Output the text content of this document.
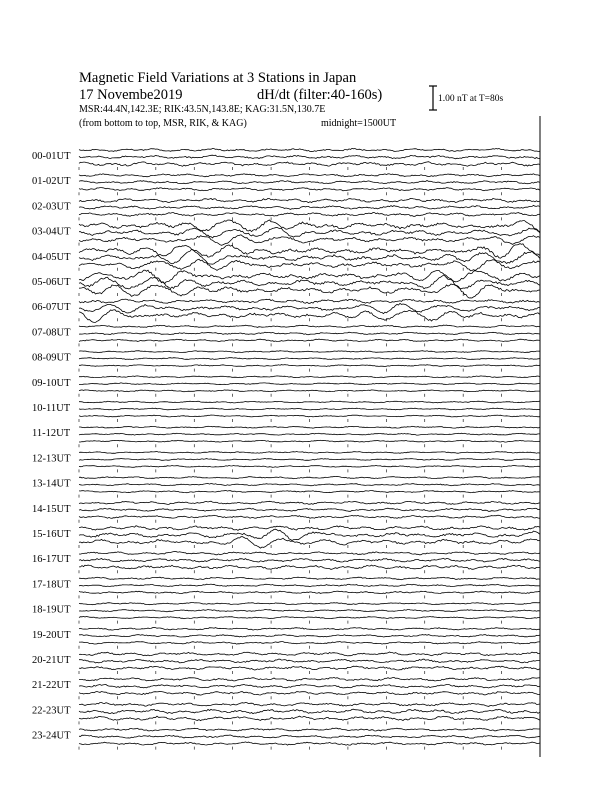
Magnetic Field Variations at 3 Stations in Japan
17 Novembe2019	dH/dt (filter:40-160s)
MSR:44.4N,142.3E; RIK:43.5N,143.8E; KAG:31.5N,130.7E
(from bottom to top, MSR, RIK, & KAG)	midnight=1500UT
1.00 nT at T=80s
00-01UT
01-02UT
02-03UT
03-04UT
04-05UT
05-06UT
06-07UT
07-08UT
08-09UT
09-10UT
10-11UT
11-12UT
12-13UT
13-14UT
14-15UT
15-16UT
16-17UT
17-18UT
18-19UT
19-20UT
20-21UT
21-22UT
22-23UT
23-24UT
